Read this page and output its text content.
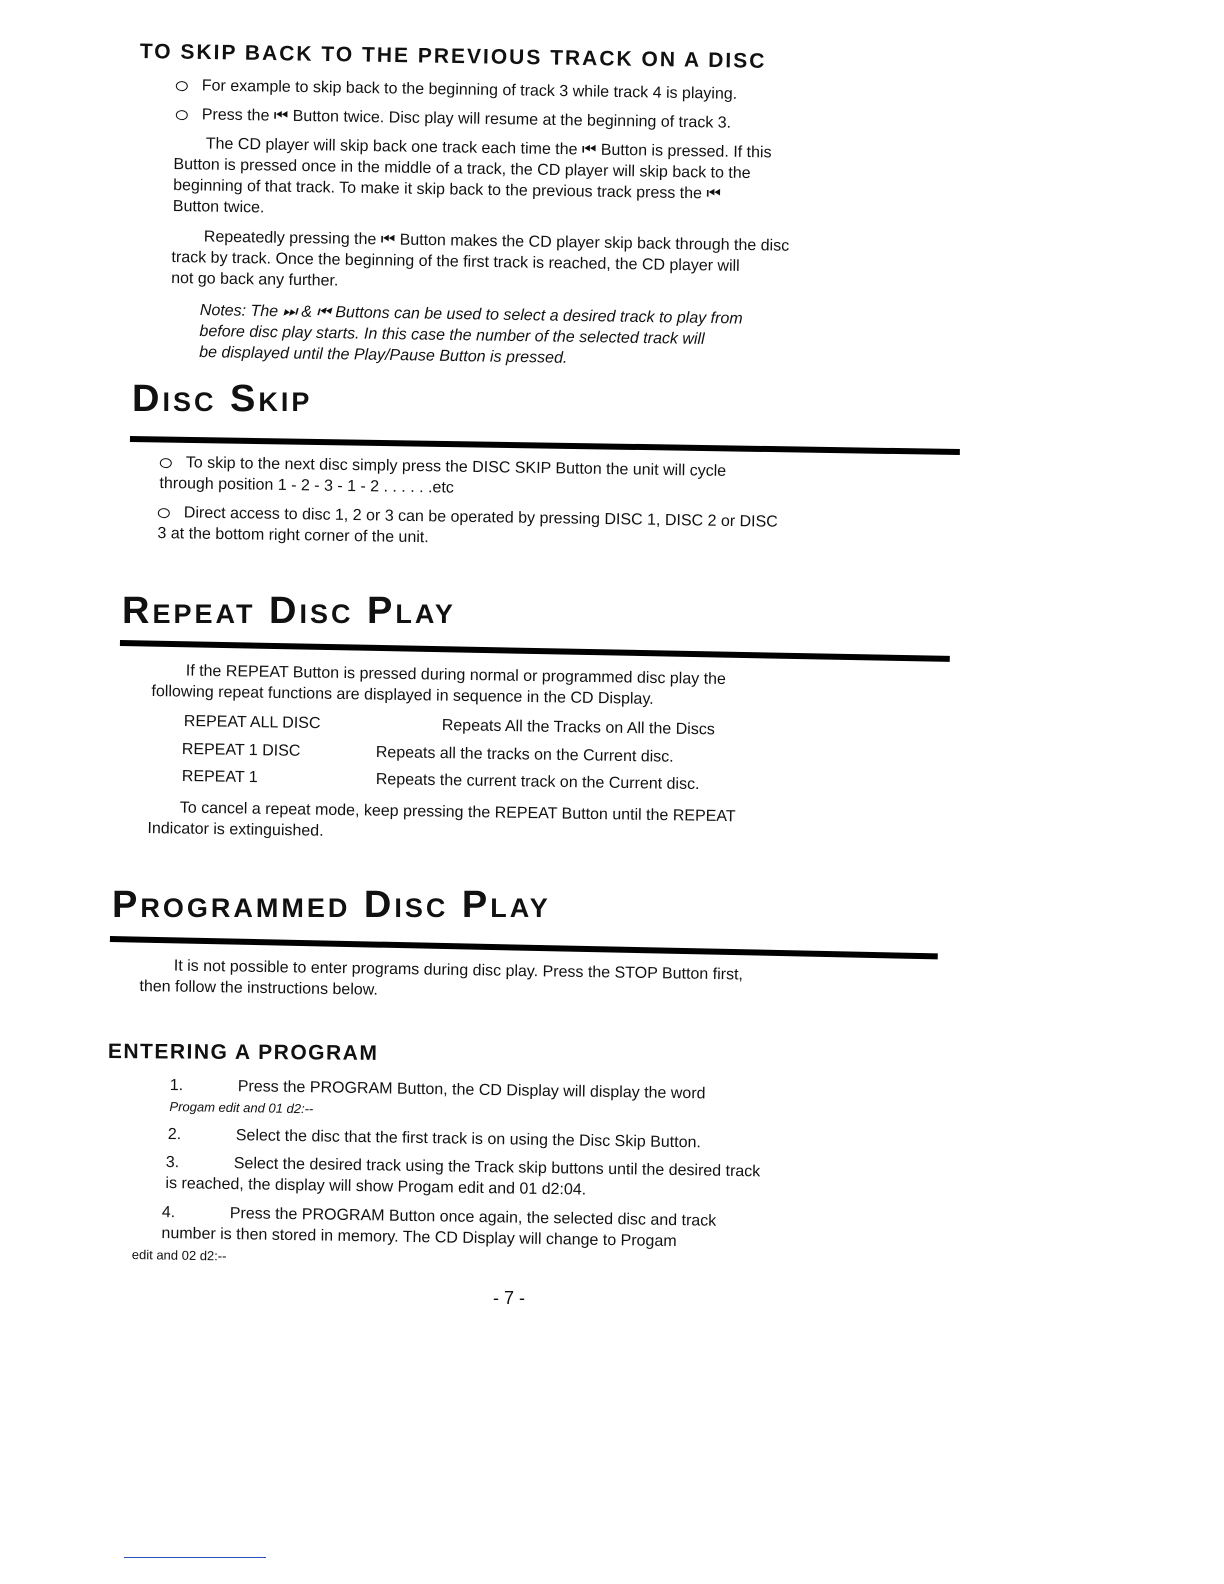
TO SKIP BACK TO THE PREVIOUS TRACK ON A DISC
For example to skip back to the beginning of track 3 while track 4 is playing.
Press the ⏮ Button twice. Disc play will resume at the beginning of track 3.
The CD player will skip back one track each time the ⏮ Button is pressed. If this
Button is pressed once in the middle of a track, the CD player will skip back to the
beginning of that track. To make it skip back to the previous track press the ⏮
Button twice.
Repeatedly pressing the ⏮ Button makes the CD player skip back through the disc
track by track. Once the beginning of the first track is reached, the CD player will
not go back any further.
Notes: The ⏭ & ⏮ Buttons can be used to select a desired track to play from
before disc play starts. In this case the number of the selected track will
be displayed until the Play/Pause Button is pressed.
Disc Skip
To skip to the next disc simply press the DISC SKIP Button the unit will cycle
through position 1 - 2 - 3 - 1 - 2 . . . . . .etc
Direct access to disc 1, 2 or 3 can be operated by pressing DISC 1, DISC 2 or DISC
3 at the bottom right corner of the unit.
Repeat Disc Play
If the REPEAT Button is pressed during normal or programmed disc play the
following repeat functions are displayed in sequence in the CD Display.
REPEAT ALL DISC	Repeats All the Tracks on All the Discs
REPEAT 1 DISC	Repeats all the tracks on the Current disc.
REPEAT 1	Repeats the current track on the Current disc.
To cancel a repeat mode, keep pressing the REPEAT Button until the REPEAT
Indicator is extinguished.
Programmed Disc Play
It is not possible to enter programs during disc play. Press the STOP Button first,
then follow the instructions below.
ENTERING A PROGRAM
1.	Press the PROGRAM Button, the CD Display will display the word
Progam edit and 01 d2:--
2.	Select the disc that the first track is on using the Disc Skip Button.
3.	Select the desired track using the Track skip buttons until the desired track
is reached, the display will show Progam edit and 01 d2:04.
4.	Press the PROGRAM Button once again, the selected disc and track
number is then stored in memory. The CD Display will change to Progam
edit and 02 d2:--
- 7 -
